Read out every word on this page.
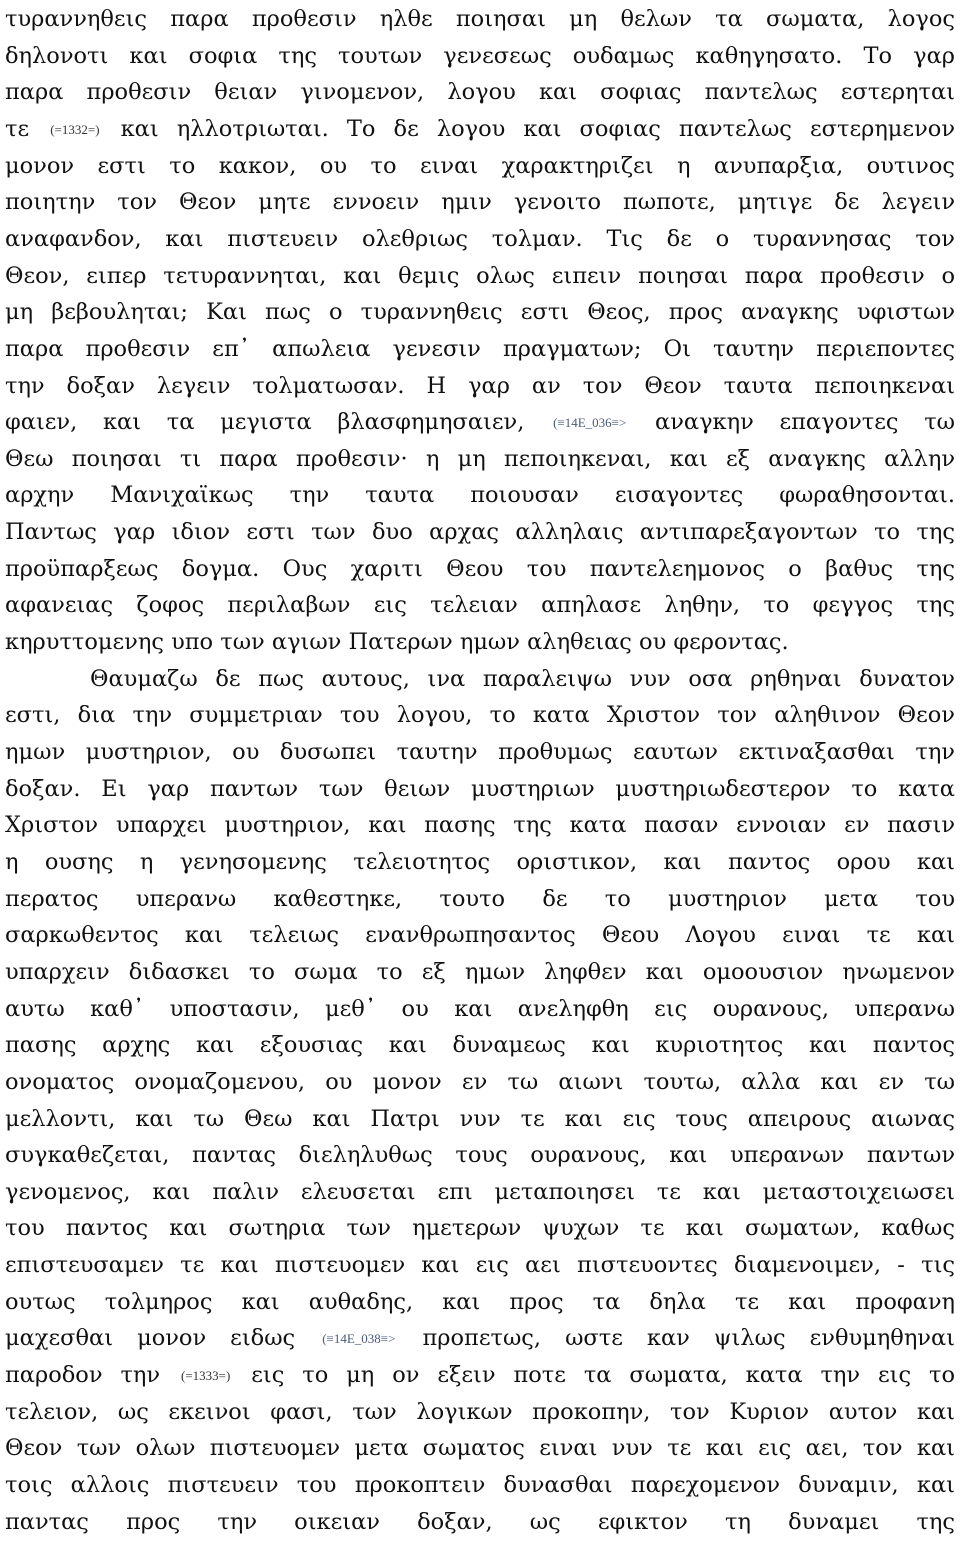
τυραννηθεις παρα προθεσιν ηλθε ποιησαι μη θελων τα σωματα, λογος
δηλονοτι και σοφια της τουτων γενεσεως ουδαμως καθηγησατο. Το γαρ
παρα προθεσιν θειαν γινομενον, λογου και σοφιας παντελως εστερηται
τε (=1332=) και ηλλοτριωται. Το δε λογου και σοφιας παντελως εστερημενον
μονον εστι το κακον, ου το ειναι χαρακτηριζει η ανυπαρξια, ουτινος
ποιητην τον Θεον μητε εννοειν ημιν γενοιτο πωποτε, μητιγε δε λεγειν
αναφανδον, και πιστευειν ολεθριως τολμαν. Τις δε ο τυραννησας τον
Θεον, ειπερ τετυραννηται, και θεμις ολως ειπειν ποιησαι παρα προθεσιν ο
μη βεβουληται; Και πως ο τυραννηθεις εστι Θεος, προς αναγκης υφιστων
παρα προθεσιν επ᾽ απωλεια γενεσιν πραγματων; Οι ταυτην περιεποντες
την δοξαν λεγειν τολματωσαν. Η γαρ αν τον Θεον ταυτα πεποιηκεναι
φαιεν, και τα μεγιστα βλασφημησαιεν, (≡14E_036≡> αναγκην επαγοντες τω
Θεω ποιησαι τι παρα προθεσιν· η μη πεποιηκεναι, και εξ αναγκης αλλην
αρχην Μανιχαϊκως την ταυτα ποιουσαν εισαγοντες φωραθησονται.
Παντως γαρ ιδιον εστι των δυο αρχας αλληλαις αντιπαρεξαγοντων το της
προϋπαρξεως δογμα. Ους χαριτι Θεου του παντελεημονος ο βαθυς της
αφανειας ζοφος περιλαβων εις τελειαν απηλασε ληθην, το φεγγος της
κηρυττομενης υπο των αγιων Πατερων ημων αληθειας ου φεροντας.
Θαυμαζω δε πως αυτους, ινα παραλειψω νυν οσα ρηθηναι δυνατον
εστι, δια την συμμετριαν του λογου, το κατα Χριστον τον αληθινον Θεον
ημων μυστηριον, ου δυσωπει ταυτην προθυμως εαυτων εκτιναξασθαι την
δοξαν. Ει γαρ παντων των θειων μυστηριων μυστηριωδεστερον το κατα
Χριστον υπαρχει μυστηριον, και πασης της κατα πασαν εννοιαν εν πασιν
η ουσης η γενησομενης τελειοτητος οριστικον, και παντος ορου και
περατος υπερανω καθεστηκε, τουτο δε το μυστηριον μετα του
σαρκωθεντος και τελειως ενανθρωπησαντος Θεου Λογου ειναι τε και
υπαρχειν διδασκει το σωμα το εξ ημων ληφθεν και ομοουσιον ηνωμενον
αυτω καθ᾽ υποστασιν, μεθ᾽ ου και ανεληφθη εις ουρανους, υπερανω
πασης αρχης και εξουσιας και δυναμεως και κυριοτητος και παντος
ονοματος ονομαζομενου, ου μονον εν τω αιωνι τουτω, αλλα και εν τω
μελλοντι, και τω Θεω και Πατρι νυν τε και εις τους απειρους αιωνας
συγκαθεζεται, παντας διεληλυθως τους ουρανους, και υπερανων παντων
γενομενος, και παλιν ελευσεται επι μεταποιησει τε και μεταστοιχειωσει
του παντος και σωτηρια των ημετερων ψυχων τε και σωματων, καθως
επιστευσαμεν τε και πιστευομεν και εις αει πιστευοντες διαμενοιμεν, - τις
ουτως τολμηρος και αυθαδης, και προς τα δηλα τε και προφανη
μαχεσθαι μονον ειδως (≡14E_038≡> προπετως, ωστε καν ψιλως ενθυμηθηναι
παροδον την (=1333=) εις το μη ον εξειν ποτε τα σωματα, κατα την εις το
τελειον, ως εκεινοι φασι, των λογικων προκοπην, τον Κυριον αυτον και
Θεον των ολων πιστευομεν μετα σωματος ειναι νυν τε και εις αει, τον και
τοις αλλοις πιστευειν του προκοπτειν δυνασθαι παρεχομενον δυναμιν, και
παντας προς την οικειαν δοξαν, ως εφικτον τη δυναμει της
